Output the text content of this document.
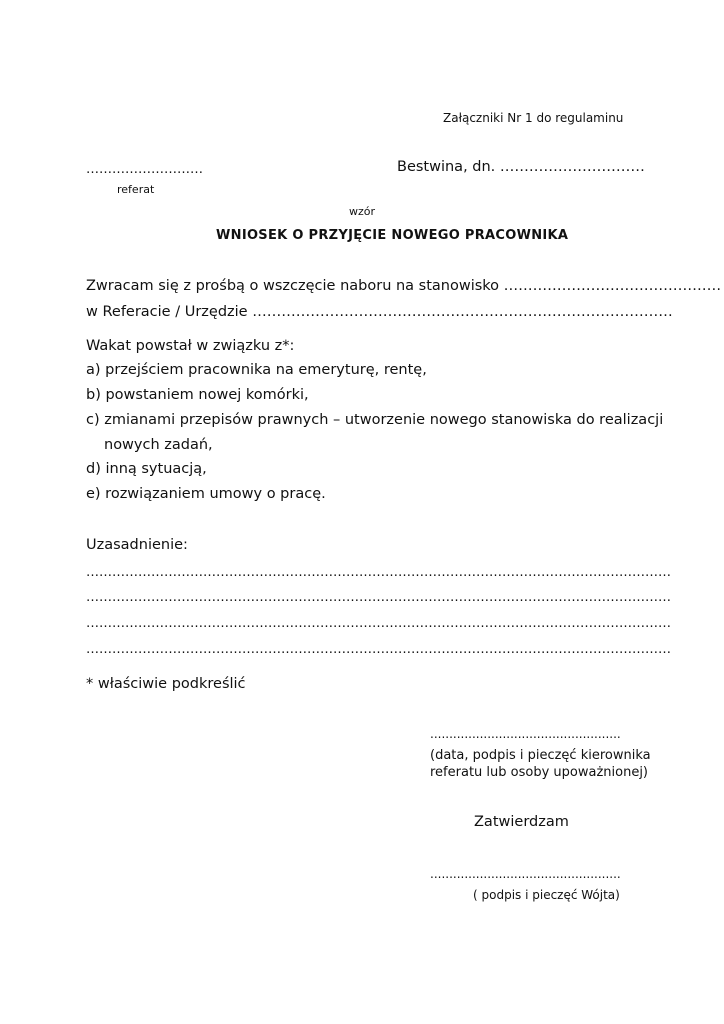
Załączniki Nr 1 do regulaminu
………………………	Bestwina, dn. …………………………
referat
wzór
WNIOSEK O PRZYJĘCIE NOWEGO PRACOWNIKA
Zwracam się z prośbą o wszczęcie naboru na stanowisko ………………………………………
w Referacie / Urzędzie ……………………………………………………………………………
Wakat powstał w związku z*:
a) przejściem pracownika na emeryturę, rentę,
b) powstaniem nowej komórki,
c) zmianami przepisów prawnych – utworzenie nowego stanowiska do realizacji
nowych zadań,
d) inną sytuacją,
e) rozwiązaniem umowy o pracę.
Uzasadnienie:
………………………………………………………………………………………………………………………
………………………………………………………………………………………………………………………
………………………………………………………………………………………………………………………
………………………………………………………………………………………………………………………
* właściwie podkreślić
..................................................
(data, podpis i pieczęć kierownika
referatu lub osoby upoważnionej)
Zatwierdzam
..................................................
( podpis i pieczęć Wójta)
